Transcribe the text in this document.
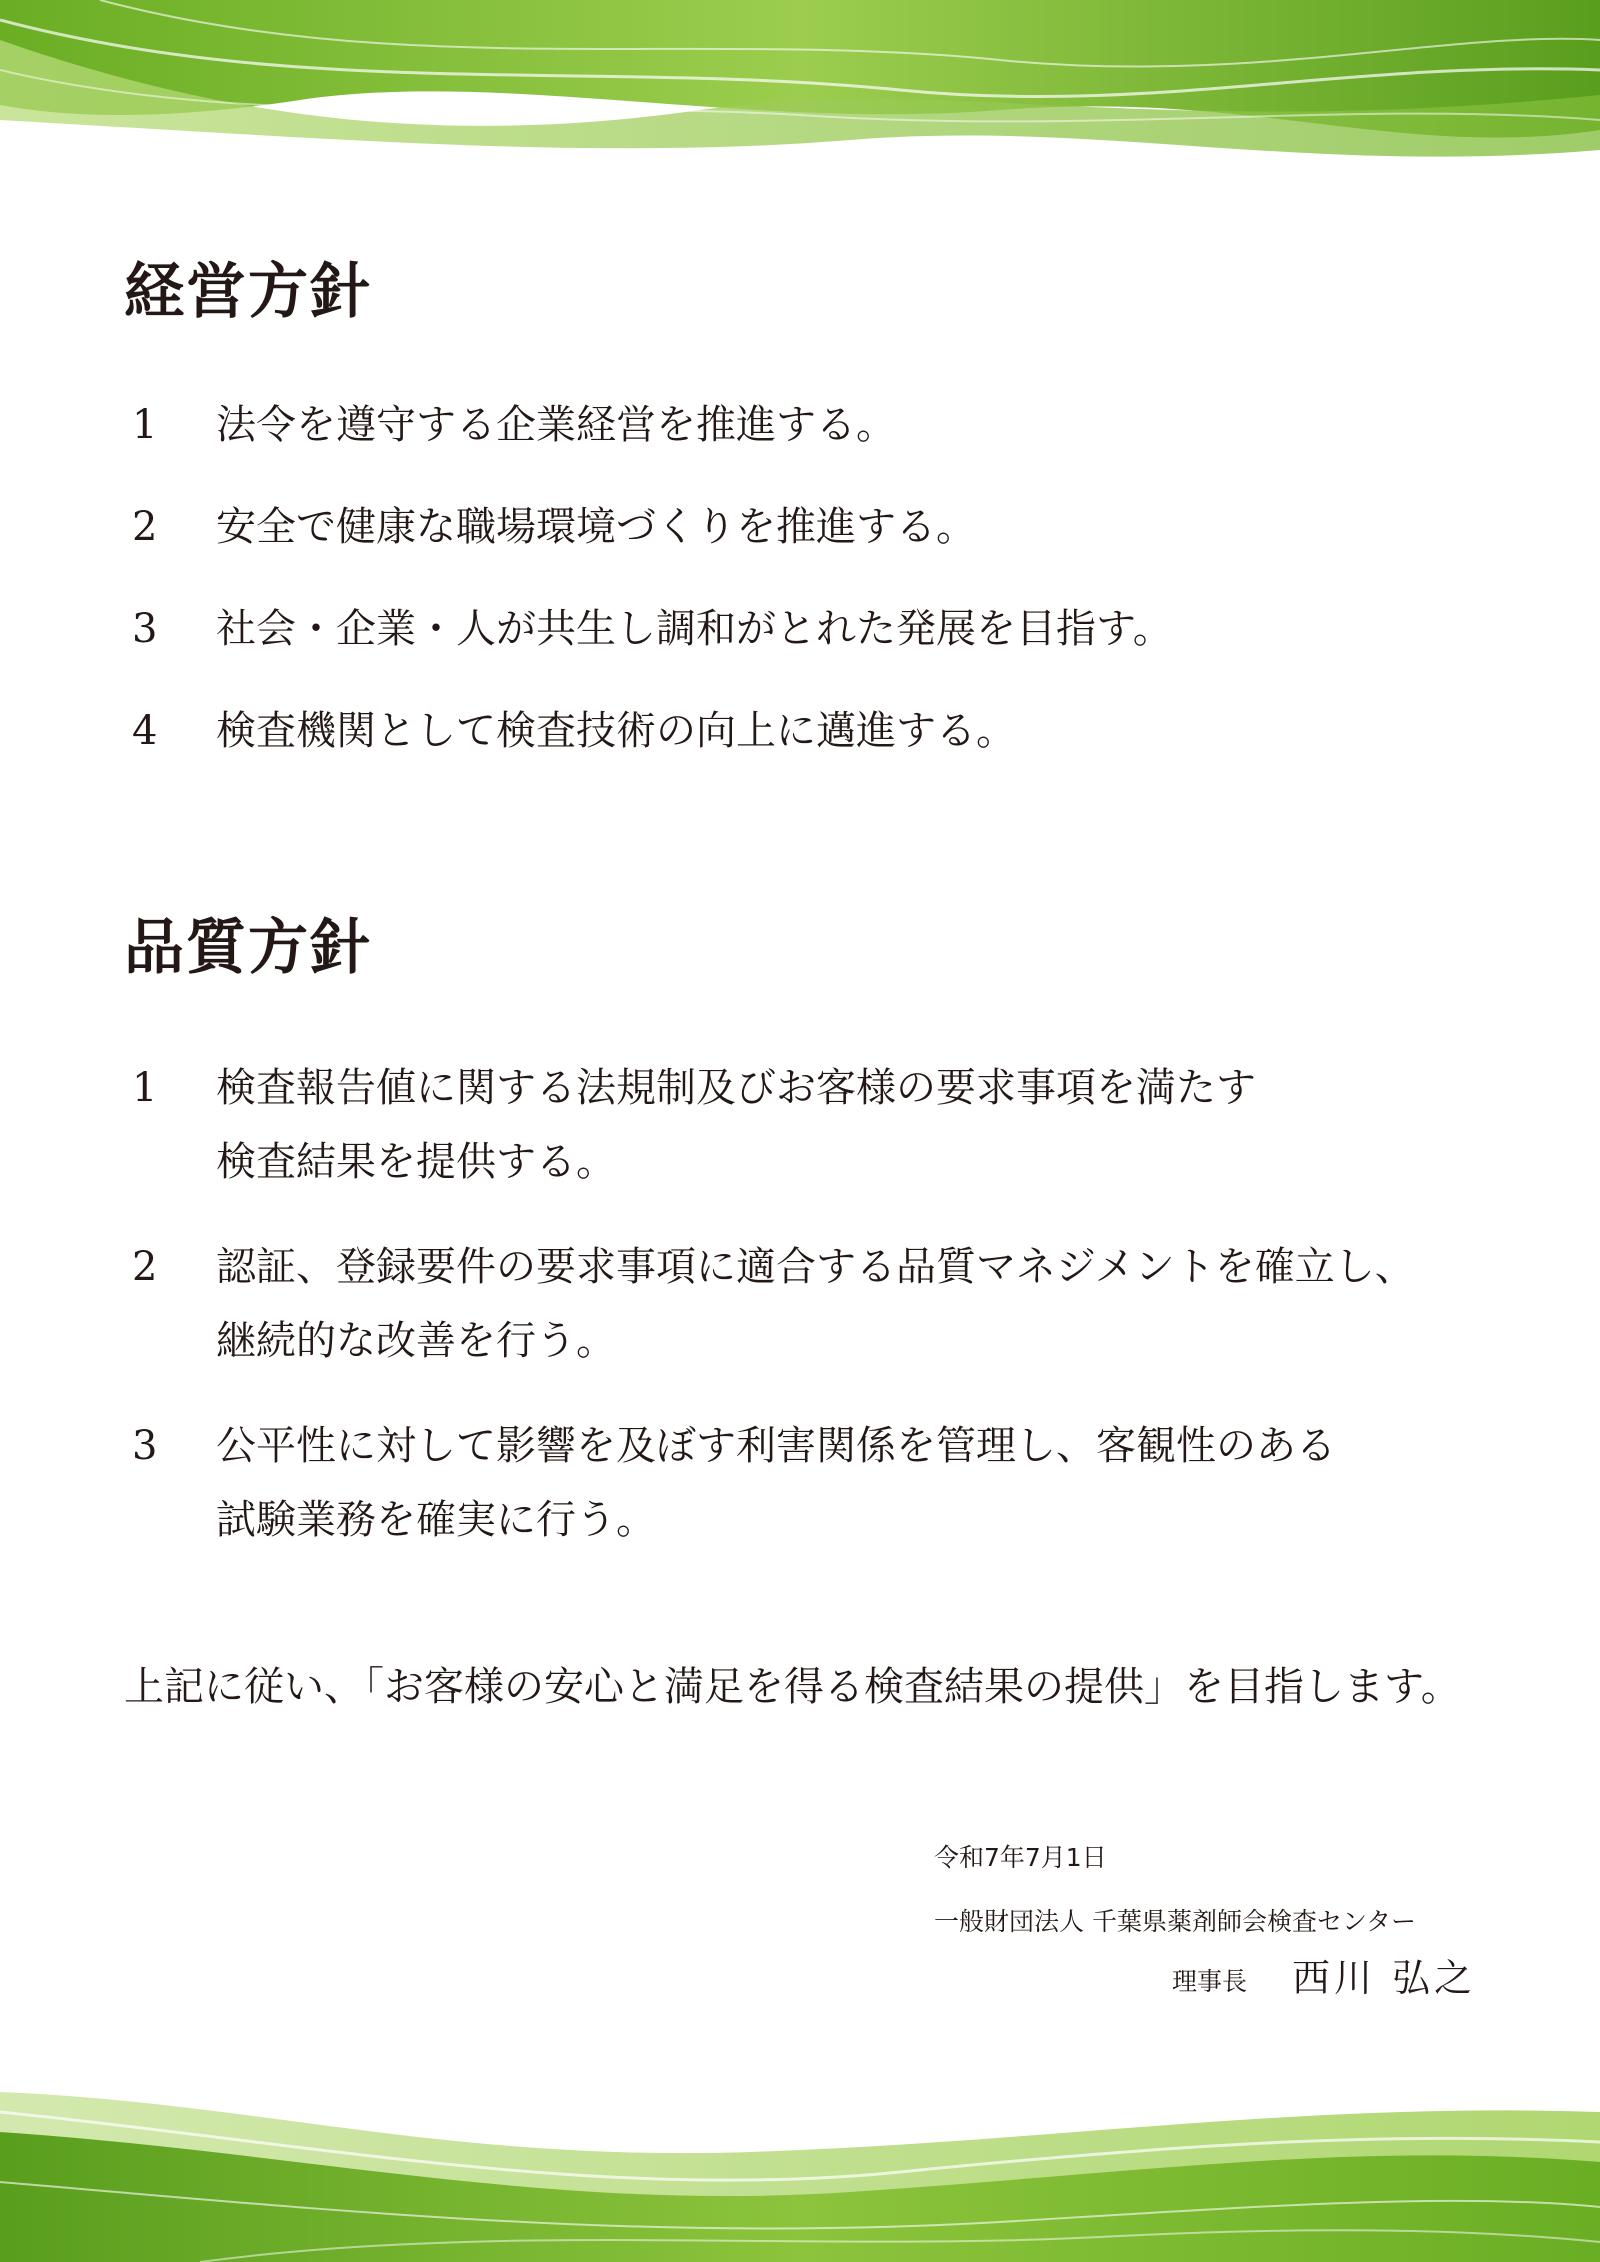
経営方針
1	法令を遵守する企業経営を推進する。
2	安全で健康な職場環境づくりを推進する。
3	社会・企業・人が共生し調和がとれた発展を目指す。
4	検査機関として検査技術の向上に邁進する。
品質方針
1	検査報告値に関する法規制及びお客様の要求事項を満たす
検査結果を提供する。
2	認証、登録要件の要求事項に適合する品質マネジメントを確立し、
継続的な改善を行う。
3	公平性に対して影響を及ぼす利害関係を管理し、客観性のある
試験業務を確実に行う。
上記に従い、「お客様の安心と満足を得る検査結果の提供」を目指します。
令和7年7月1日
一般財団法人 千葉県薬剤師会検査センター
理事長 西川 弘之
